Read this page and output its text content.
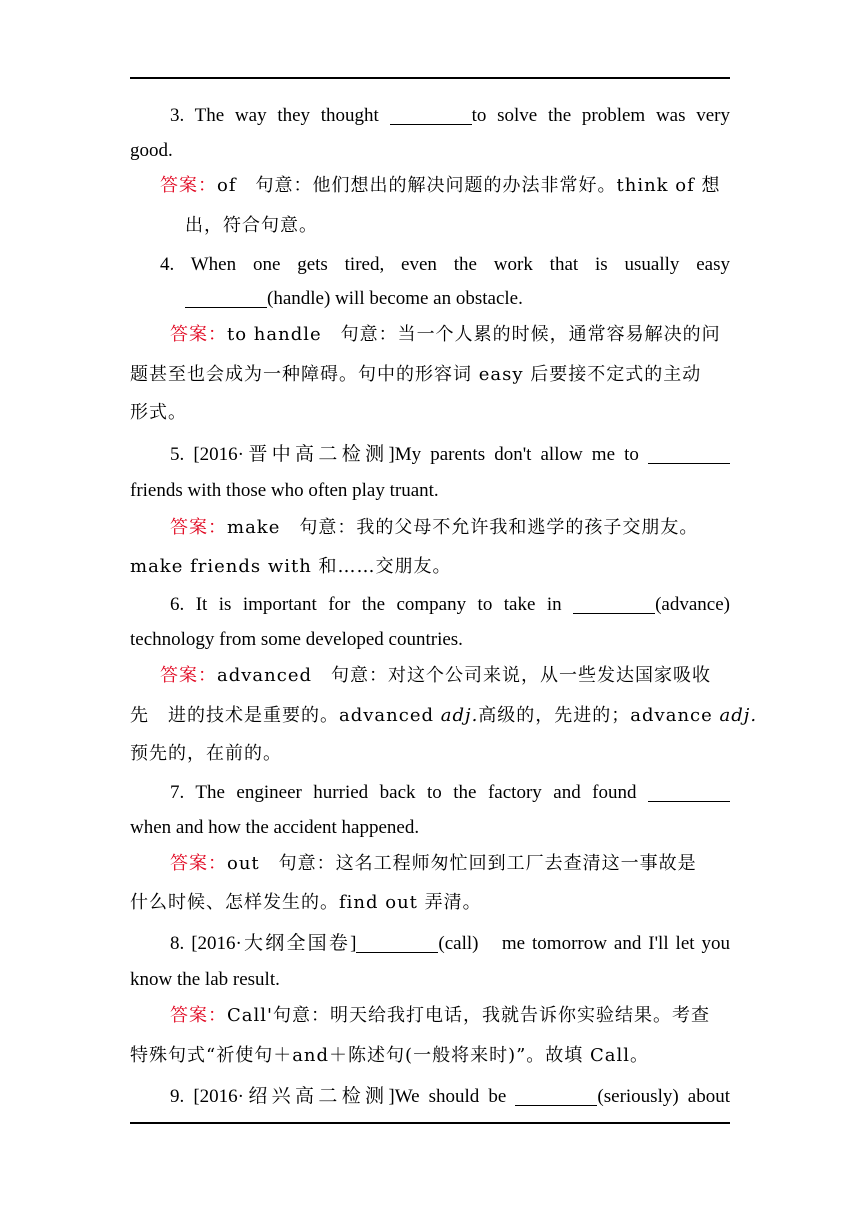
3. The way they thought	to solve the problem was very
good.
答案：of　句意：他们想出的解决问题的办法非常好。think of 想
出，符合句意。
4. When one gets tired, even the work that is usually easy
(handle) will become an obstacle.
答案：to handle　句意：当一个人累的时候，通常容易解决的问
题甚至也会成为一种障碍。句中的形容词 easy 后要接不定式的主动
形式。
5. [2016·晋中高二检测]My parents don't allow me to
friends with those who often play truant.
答案：make　句意：我的父母不允许我和逃学的孩子交朋友。
make friends with 和……交朋友。
6. It is important for the company to take in	(advance)
technology from some developed countries.
答案：advanced　句意：对这个公司来说，从一些发达国家吸收
先　进的技术是重要的。advanced adj.高级的，先进的；advance adj.
预先的，在前的。
7. The engineer hurried back to the factory and found
when and how the accident happened.
答案：out　句意：这名工程师匆忙回到工厂去查清这一事故是
什么时候、怎样发生的。find out 弄清。
8. [2016·大纲全国卷]	(call)　me tomorrow and I'll let you
know the lab result.
答案：Call'句意：明天给我打电话，我就告诉你实验结果。考查
特殊句式“祈使句＋and＋陈述句(一般将来时)”。故填 Call。
9. [2016·绍兴高二检测]We should be	(seriously) about
